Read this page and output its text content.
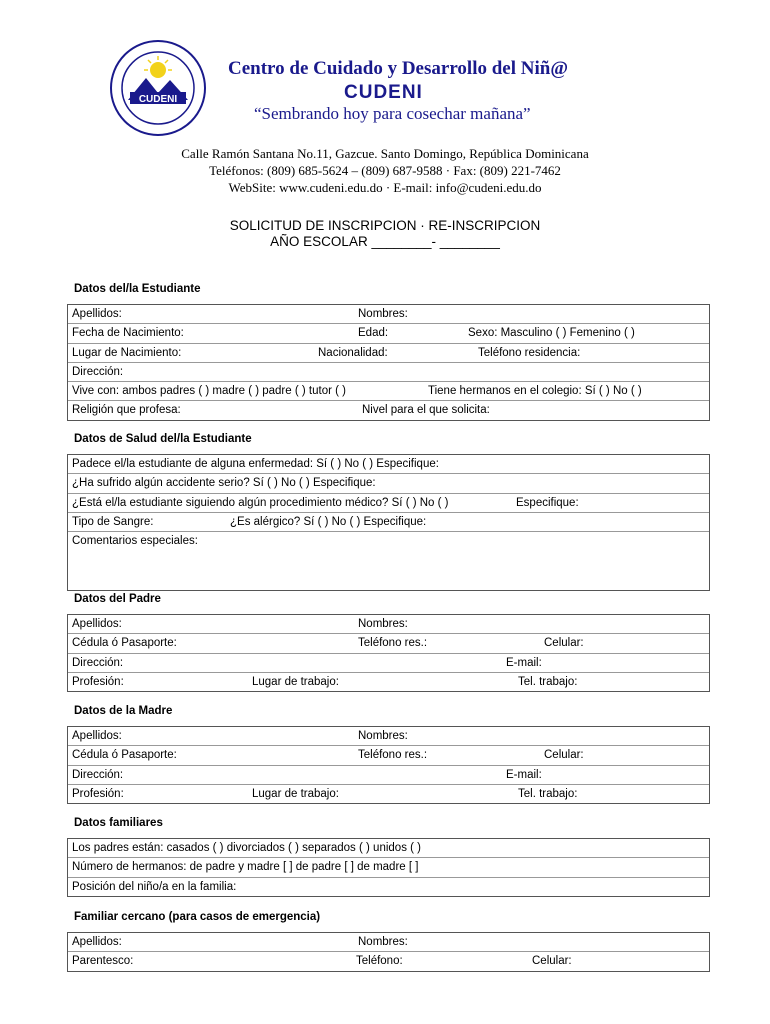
CUDENI
Centro de Cuidado y Desarrollo del Niñ@
CUDENI
“Sembrando hoy para cosechar mañana”
Calle Ramón Santana No.11, Gazcue. Santo Domingo, República Dominicana
Teléfonos: (809) 685-5624 – (809) 687-9588 · Fax: (809) 221-7462
WebSite: www.cudeni.edu.do · E-mail: info@cudeni.edu.do
SOLICITUD DE INSCRIPCION · RE-INSCRIPCION
AÑO ESCOLAR ________- ________
Datos del/la Estudiante
Apellidos:	Nombres:
Fecha de Nacimiento:	Edad:	Sexo: Masculino ( ) Femenino ( )
Lugar de Nacimiento:	Nacionalidad:	Teléfono residencia:
Dirección:
Vive con: ambos padres ( ) madre ( ) padre ( ) tutor ( )	Tiene hermanos en el colegio: Sí ( ) No ( )
Religión que profesa:	Nivel para el que solicita:
Datos de Salud del/la Estudiante
Padece el/la estudiante de alguna enfermedad: Sí ( ) No ( ) Especifique:
¿Ha sufrido algún accidente serio? Sí ( ) No ( ) Especifique:
¿Está el/la estudiante siguiendo algún procedimiento médico? Sí ( ) No ( )	Especifique:
Tipo de Sangre:	¿Es alérgico? Sí ( ) No ( ) Especifique:
Comentarios especiales:
Datos del Padre
Apellidos:	Nombres:
Cédula ó Pasaporte:	Teléfono res.:	Celular:
Dirección:	E-mail:
Profesión:	Lugar de trabajo:	Tel. trabajo:
Datos de la Madre
Apellidos:	Nombres:
Cédula ó Pasaporte:	Teléfono res.:	Celular:
Dirección:	E-mail:
Profesión:	Lugar de trabajo:	Tel. trabajo:
Datos familiares
Los padres están: casados ( ) divorciados ( ) separados ( ) unidos ( )
Número de hermanos: de padre y madre [ ] de padre [ ] de madre [ ]
Posición del niño/a en la familia:
Familiar cercano (para casos de emergencia)
Apellidos:	Nombres:
Parentesco:	Teléfono:	Celular:
